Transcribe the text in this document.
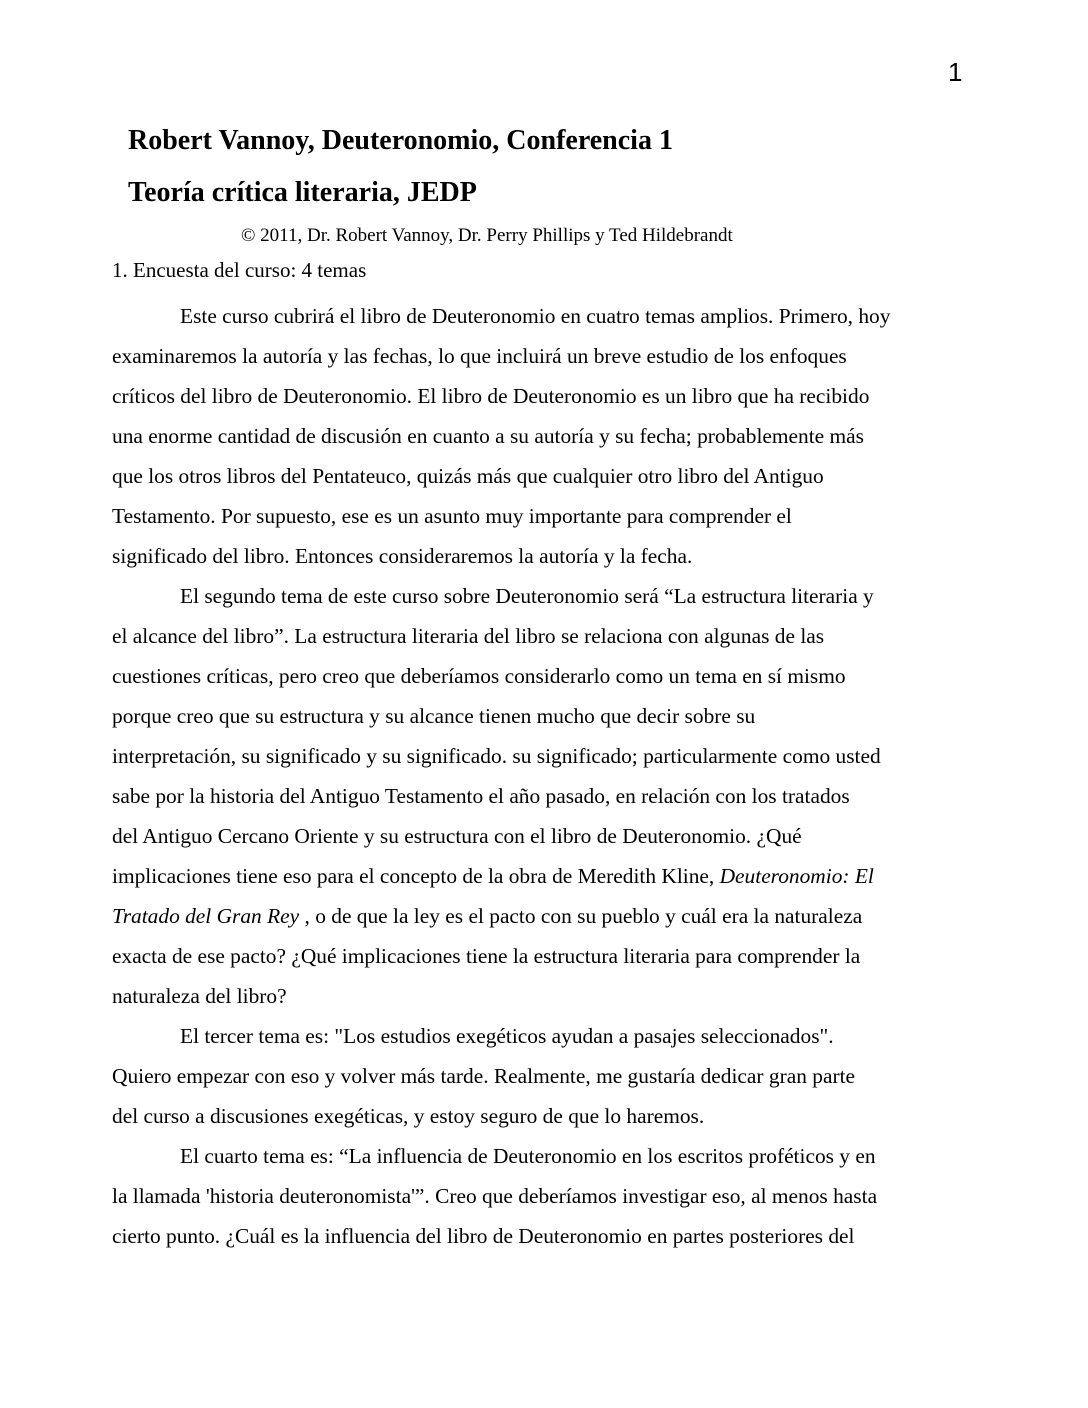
1
Robert Vannoy, Deuteronomio, Conferencia 1
Teoría crítica literaria, JEDP
© 2011, Dr. Robert Vannoy, Dr. Perry Phillips y Ted Hildebrandt
1. Encuesta del curso: 4 temas
Este curso cubrirá el libro de Deuteronomio en cuatro temas amplios. Primero, hoy
examinaremos la autoría y las fechas, lo que incluirá un breve estudio de los enfoques
críticos del libro de Deuteronomio. El libro de Deuteronomio es un libro que ha recibido
una enorme cantidad de discusión en cuanto a su autoría y su fecha; probablemente más
que los otros libros del Pentateuco, quizás más que cualquier otro libro del Antiguo
Testamento. Por supuesto, ese es un asunto muy importante para comprender el
significado del libro. Entonces consideraremos la autoría y la fecha.
El segundo tema de este curso sobre Deuteronomio será “La estructura literaria y
el alcance del libro”. La estructura literaria del libro se relaciona con algunas de las
cuestiones críticas, pero creo que deberíamos considerarlo como un tema en sí mismo
porque creo que su estructura y su alcance tienen mucho que decir sobre su
interpretación, su significado y su significado. su significado; particularmente como usted
sabe por la historia del Antiguo Testamento el año pasado, en relación con los tratados
del Antiguo Cercano Oriente y su estructura con el libro de Deuteronomio. ¿Qué
implicaciones tiene eso para el concepto de la obra de Meredith Kline, Deuteronomio: El
Tratado del Gran Rey , o de que la ley es el pacto con su pueblo y cuál era la naturaleza
exacta de ese pacto? ¿Qué implicaciones tiene la estructura literaria para comprender la
naturaleza del libro?
El tercer tema es: "Los estudios exegéticos ayudan a pasajes seleccionados".
Quiero empezar con eso y volver más tarde. Realmente, me gustaría dedicar gran parte
del curso a discusiones exegéticas, y estoy seguro de que lo haremos.
El cuarto tema es: “La influencia de Deuteronomio en los escritos proféticos y en
la llamada 'historia deuteronomista'”. Creo que deberíamos investigar eso, al menos hasta
cierto punto. ¿Cuál es la influencia del libro de Deuteronomio en partes posteriores del
